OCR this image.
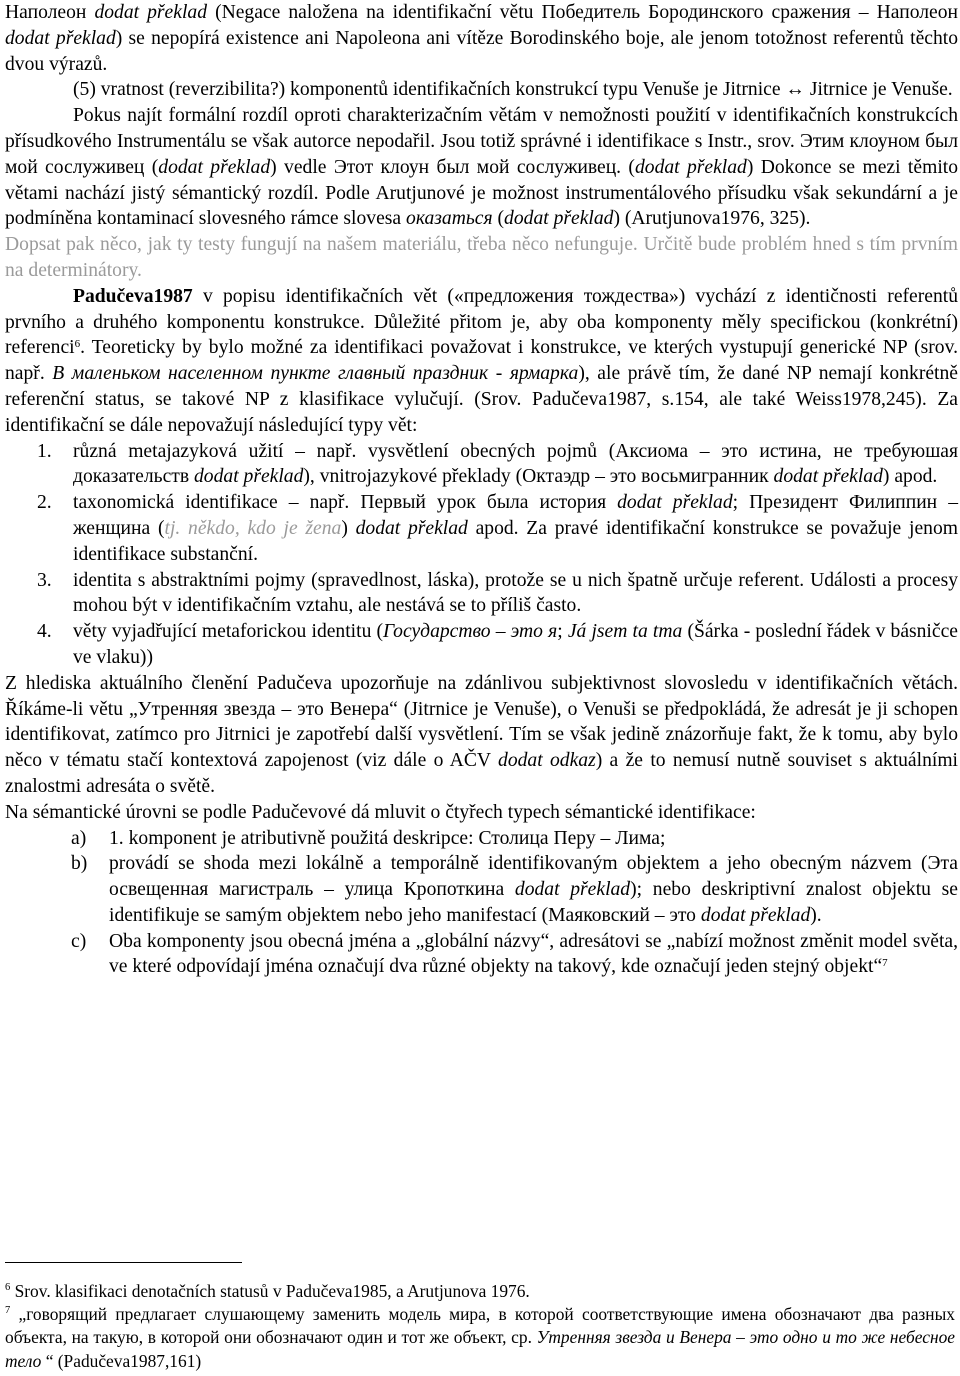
Наполеон dodat překlad (Negace naložena na identifikační větu Победитель Бородинского сражения – Наполеон dodat překlad) se nepopírá existence ani Napoleona ani vítěze Borodinského boje, ale jenom totožnost referentů těchto dvou výrazů.

(5) vratnost (reverzibilita?) komponentů identifikačních konstrukcí typu Venuše je Jitrnice ↔ Jitrnice je Venuše.

Pokus najít formální rozdíl oproti charakterizačním větám v nemožnosti použití v identifikačních konstrukcích přísudkového Instrumentálu se však autorce nepodařil. Jsou totiž správné i identifikace s Instr., srov. Этим клоуном был мой сослуживец (dodat překlad) vedle Этот клоун был мой сослуживец. (dodat překlad) Dokonce se mezi těmito větami nachází jistý sémantický rozdíl. Podle Arutjunové je možnost instrumentálového přísudku však sekundární a je podmíněna kontaminací slovesného rámce slovesa оказаться (dodat překlad) (Arutjunova1976, 325).

Dopsat pak něco, jak ty testy fungují na našem materiálu, třeba něco nefunguje. Určitě bude problém hned s tím prvním na determinátory.

Padučeva1987 v popisu identifikačních vět («предложения тождества») vychází z identičnosti referentů prvního a druhého komponentu konstrukce. Důležité přitom je, aby oba komponenty měly specifickou (konkrétní) referenci$^6$. Teoreticky by bylo možné za identifikaci považovat i konstrukce, ve kterých vystupují generické NP (srov. např. В маленьком населенном пункте главный праздник - ярмарка), ale právě tím, že dané NP nemají konkrétně referenční status, se takové NP z klasifikace vylučují. (Srov. Padučeva1987, s.154, ale také Weiss1978,245). Za identifikační se dále nepovažují následující typy vět:

1. různá metajazyková užití – např. vysvětlení obecných pojmů (Аксиома – это истина, не требуюшая доказательств dodat překlad), vnitrojazykové překlady (Октаэдр – это восьмигранник dodat překlad) apod.
2. taxonomická identifikace – např. Первый урок была история dodat překlad; Президент Филиппин – женщина (tj. někdo, kdo je žena) dodat překlad apod. Za pravé identifikační konstrukce se považuje jenom identifikace substanční.
3. identita s abstraktními pojmy (spravedlnost, láska), protože se u nich špatně určuje referent. Události a procesy mohou být v identifikačním vztahu, ale nestává se to příliš často.
4. věty vyjadřující metaforickou identitu (Государство – это я; Já jsem ta tma (Šárka - poslední řádek v básničce ve vlaku))

Z hlediska aktuálního členění Padučeva upozorňuje na zdánlivou subjektivnost slovosledu v identifikačních větách. Říkáme-li větu „Утренняя звезда – это Венера“ (Jitrnice je Venuše), o Venuši se předpokládá, že adresát je ji schopen identifikovat, zatímco pro Jitrnici je zapotřebí další vysvětlení. Tím se však jedině znázorňuje fakt, že k tomu, aby bylo něco v tématu stačí kontextová zapojenost (viz dále o AČV dodat odkaz) a že to nemusí nutně souviset s aktuálními znalostmi adresáta o světě.

Na sémantické úrovni se podle Padučevové dá mluvit o čtyřech typech sémantické identifikace:

a) 1. komponent je atributivně použitá deskripce: Столица Перу – Лима;
b) provádí se shoda mezi lokálně a temporálně identifikovaným objektem a jeho obecným názvem (Эта освещенная магистраль – улица Кропоткина dodat překlad); nebo deskriptivní znalost objektu se identifikuje se samým objektem nebo jeho manifestací (Маяковский – это dodat překlad).
c) Oba komponenty jsou obecná jména a „globální názvy“, adresátovi se „nabízí možnost změnit model světa, ve které odpovídají jména označují dva různé objekty na takový, kde označují jeden stejný objekt“$^7$

$^6$ Srov. klasifikaci denotačních statusů v Padučeva1985, a Arutjunova 1976.

$^7$ „говорящий предлагает слушающему заменить модель мира, в которой соответствующие имена обозначают два разных объекта, на такую, в которой они обозначают один и тот же объект, ср. Утренняя звезда и Венера – это одно и то же небесное тело “ (Padučeva1987,161)
